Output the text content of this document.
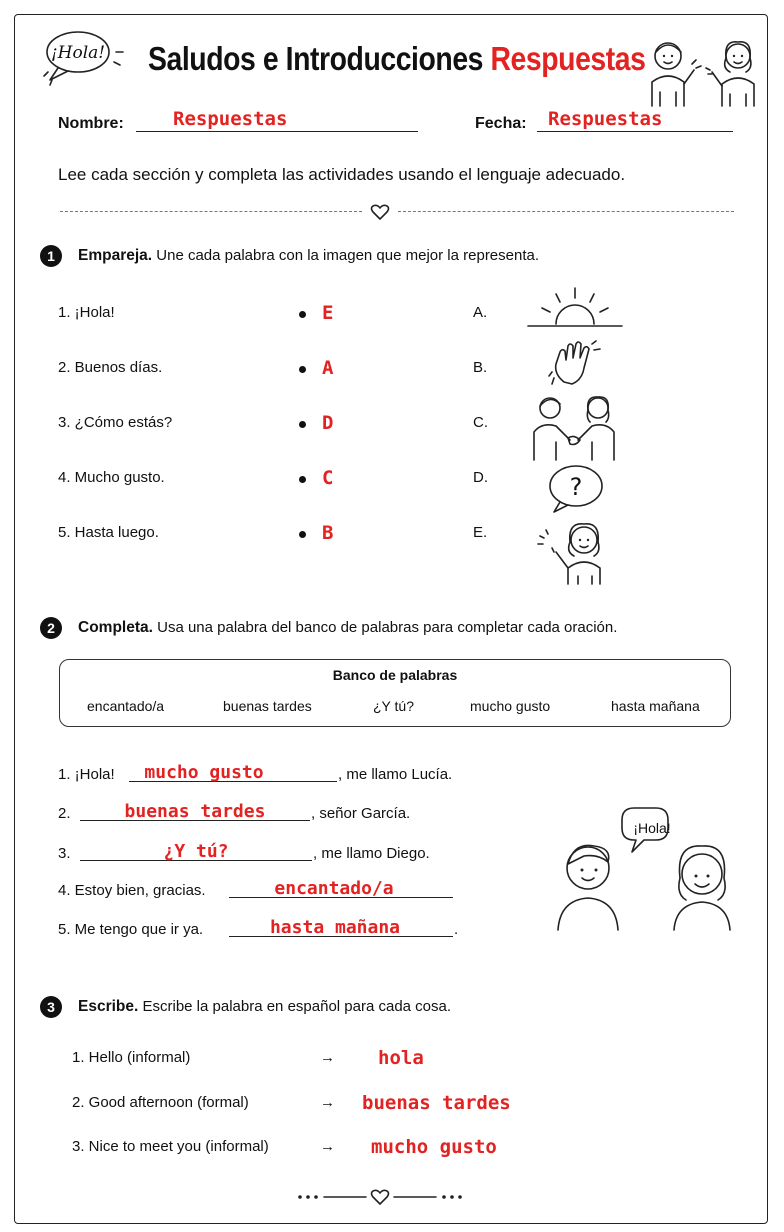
¡Hola! Saludos e Introducciones Respuestas
Nombre:	Respuestas	Fecha: Respuestas
Lee cada sección y completa las actividades usando el lenguaje adecuado.
1	Empareja. Une cada palabra con la imagen que mejor la representa.
1. ¡Hola!	E	A.
2. Buenos días.	A	B.
3. ¿Cómo estás?	D	C.
4. Mucho gusto.	C	D.
5. Hasta luego.	B	E.
?
2	Completa. Usa una palabra del banco de palabras para completar cada oración.
Banco de palabras
encantado/a	buenas tardes	¿Y tú?	mucho gusto	hasta mañana
1. ¡Hola!	mucho gusto	, me llamo Lucía.
2.	buenas tardes	, señor García.
3.	¿Y tú?	, me llamo Diego.
4. Estoy bien, gracias.	encantado/a
5. Me tengo que ir ya.	hasta mañana	.
¡Hola!
3	Escribe. Escribe la palabra en español para cada cosa.
1. Hello (informal)	→ hola
2. Good afternoon (formal)	→ buenas tardes
3. Nice to meet you (informal)	→ mucho gusto
